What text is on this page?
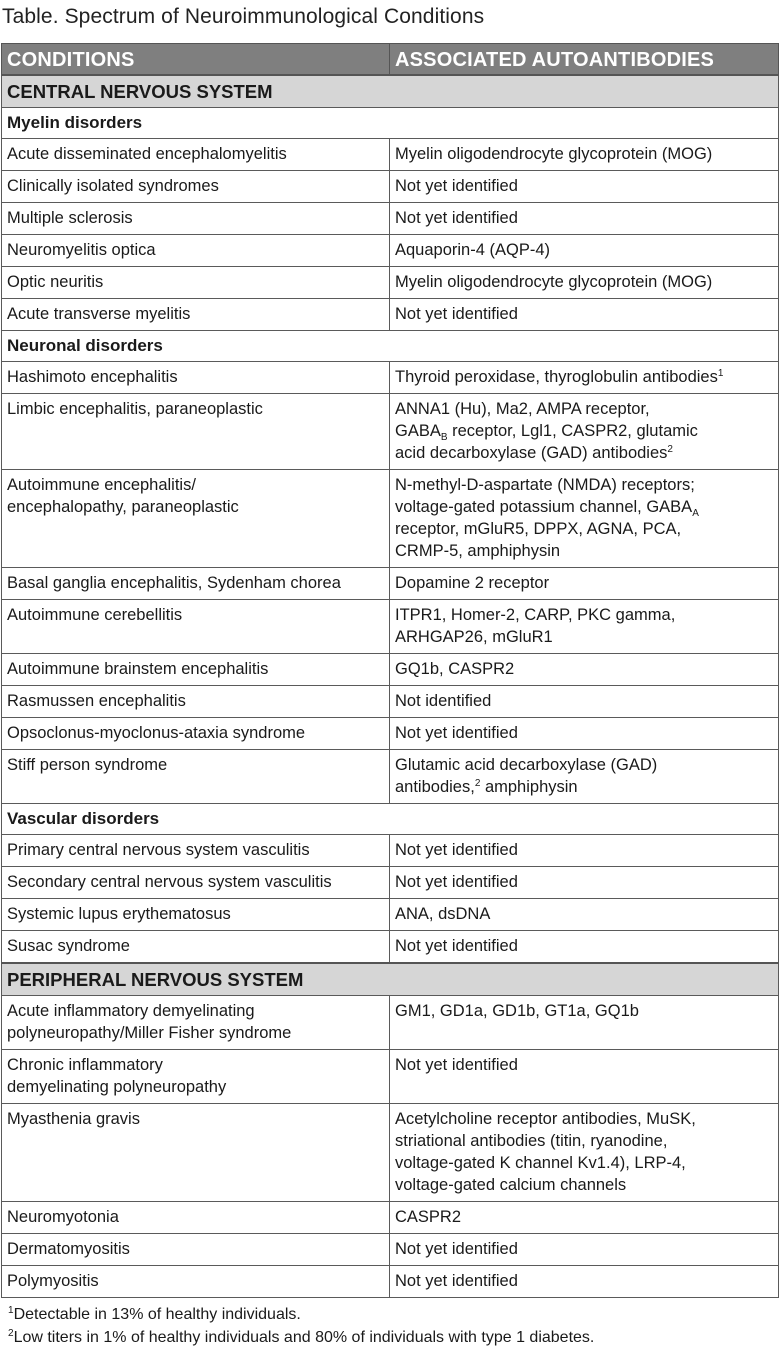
Table. Spectrum of Neuroimmunological Conditions
CONDITIONS	ASSOCIATED AUTOANTIBODIES
CENTRAL NERVOUS SYSTEM	
Myelin disorders	
Acute disseminated encephalomyelitis	Myelin oligodendrocyte glycoprotein (MOG)
Clinically isolated syndromes	Not yet identified
Multiple sclerosis	Not yet identified
Neuromyelitis optica	Aquaporin-4 (AQP-4)
Optic neuritis	Myelin oligodendrocyte glycoprotein (MOG)
Acute transverse myelitis	Not yet identified
Neuronal disorders	
Hashimoto encephalitis	Thyroid peroxidase, thyroglobulin antibodies$^1$
Limbic encephalitis, paraneoplastic	ANNA1 (Hu), Ma2, AMPA receptor,
$GABA_B$ receptor, Lgl1, CASPR2, glutamic
acid decarboxylase (GAD) antibodies$^2$
Autoimmune encephalitis/
encephalopathy, paraneoplastic	N-methyl-D-aspartate (NMDA) receptors;
voltage-gated potassium channel, $GABA_A$
receptor, mGluR5, DPPX, AGNA, PCA,
CRMP-5, amphiphysin
Basal ganglia encephalitis, Sydenham chorea	Dopamine 2 receptor
Autoimmune cerebellitis	ITPR1, Homer-2, CARP, PKC gamma,
ARHGAP26, mGluR1
Autoimmune brainstem encephalitis	GQ1b, CASPR2
Rasmussen encephalitis	Not identified
Opsoclonus-myoclonus-ataxia syndrome	Not yet identified
Stiff person syndrome	Glutamic acid decarboxylase (GAD)
antibodies,$^2$ amphiphysin
Vascular disorders	
Primary central nervous system vasculitis	Not yet identified
Secondary central nervous system vasculitis	Not yet identified
Systemic lupus erythematosus	ANA, dsDNA
Susac syndrome	Not yet identified
PERIPHERAL NERVOUS SYSTEM	
Acute inflammatory demyelinating
polyneuropathy/Miller Fisher syndrome	GM1, GD1a, GD1b, GT1a, GQ1b
Chronic inflammatory
demyelinating polyneuropathy	Not yet identified
Myasthenia gravis	Acetylcholine receptor antibodies, MuSK,
striational antibodies (titin, ryanodine,
voltage-gated K channel Kv1.4), LRP-4,
voltage-gated calcium channels
Neuromyotonia	CASPR2
Dermatomyositis	Not yet identified
Polymyositis	Not yet identified
$^1$Detectable in 13% of healthy individuals.
$^2$Low titers in 1% of healthy individuals and 80% of individuals with type 1 diabetes.
